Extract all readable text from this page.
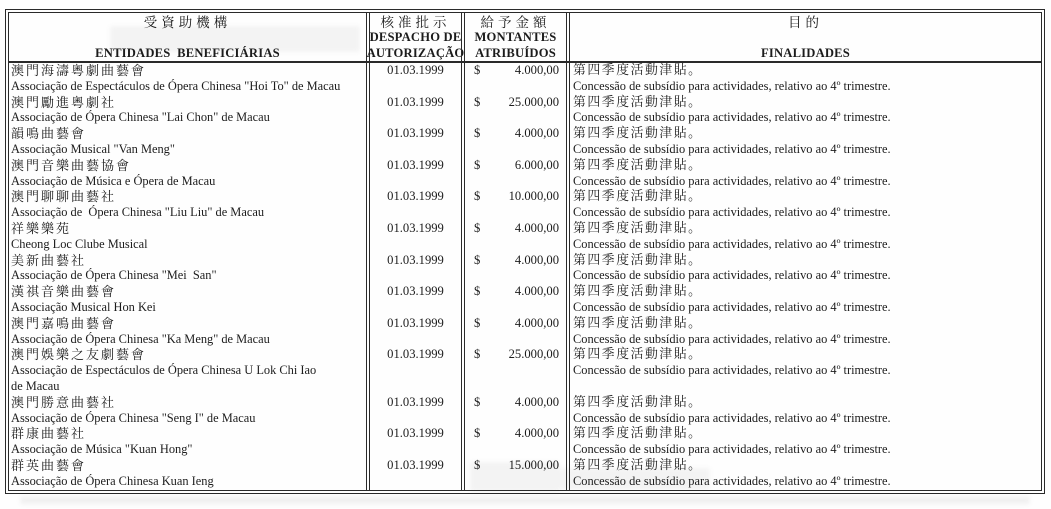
受資助機構
ENTIDADES  BENEFICIÁRIAS
核准批示
DESPACHO DE
AUTORIZAÇÃO
給予金額
MONTANTES
ATRIBUÍDOS
目的
FINALIDADES
澳門海濤粵劇曲藝會
Associação de Espectáculos de Ópera Chinesa "Hoi To" de Macau
01.03.1999	$	4.000,00 第四季度活動津貼。
Concessão de subsídio para actividades, relativo ao 4º trimestre.
澳門勵進粵劇社
Associação de Ópera Chinesa "Lai Chon" de Macau
01.03.1999	$ 25.000,00 第四季度活動津貼。
Concessão de subsídio para actividades, relativo ao 4º trimestre.
韻鳴曲藝會
Associação Musical "Van Meng"
01.03.1999	$	4.000,00 第四季度活動津貼。
Concessão de subsídio para actividades, relativo ao 4º trimestre.
澳門音樂曲藝協會
Associação de Música e Ópera de Macau
01.03.1999	$	6.000,00 第四季度活動津貼。
Concessão de subsídio para actividades, relativo ao 4º trimestre.
澳門聊聊曲藝社
Associação de  Ópera Chinesa "Liu Liu" de Macau
01.03.1999	$ 10.000,00 第四季度活動津貼。
Concessão de subsídio para actividades, relativo ao 4º trimestre.
祥樂樂苑
Cheong Loc Clube Musical
01.03.1999	$	4.000,00 第四季度活動津貼。
Concessão de subsídio para actividades, relativo ao 4º trimestre.
美新曲藝社
Associação de Ópera Chinesa "Mei  San"
01.03.1999	$	4.000,00 第四季度活動津貼。
Concessão de subsídio para actividades, relativo ao 4º trimestre.
漢祺音樂曲藝會
Associação Musical Hon Kei
01.03.1999	$	4.000,00 第四季度活動津貼。
Concessão de subsídio para actividades, relativo ao 4º trimestre.
澳門嘉鳴曲藝會
Associação de Ópera Chinesa "Ka Meng" de Macau
01.03.1999	$	4.000,00 第四季度活動津貼。
Concessão de subsídio para actividades, relativo ao 4º trimestre.
澳門娛樂之友劇藝會
Associação de Espectáculos de Ópera Chinesa U Lok Chi Iao
de Macau
01.03.1999	$ 25.000,00 第四季度活動津貼。
Concessão de subsídio para actividades, relativo ao 4º trimestre.
澳門勝意曲藝社
Associação de Ópera Chinesa "Seng I" de Macau
01.03.1999	$	4.000,00 第四季度活動津貼。
Concessão de subsídio para actividades, relativo ao 4º trimestre.
群康曲藝社
Associação de Música "Kuan Hong"
01.03.1999	$	4.000,00 第四季度活動津貼。
Concessão de subsídio para actividades, relativo ao 4º trimestre.
群英曲藝會
Associação de Ópera Chinesa Kuan Ieng
01.03.1999	$ 15.000,00 第四季度活動津貼。
Concessão de subsídio para actividades, relativo ao 4º trimestre.
